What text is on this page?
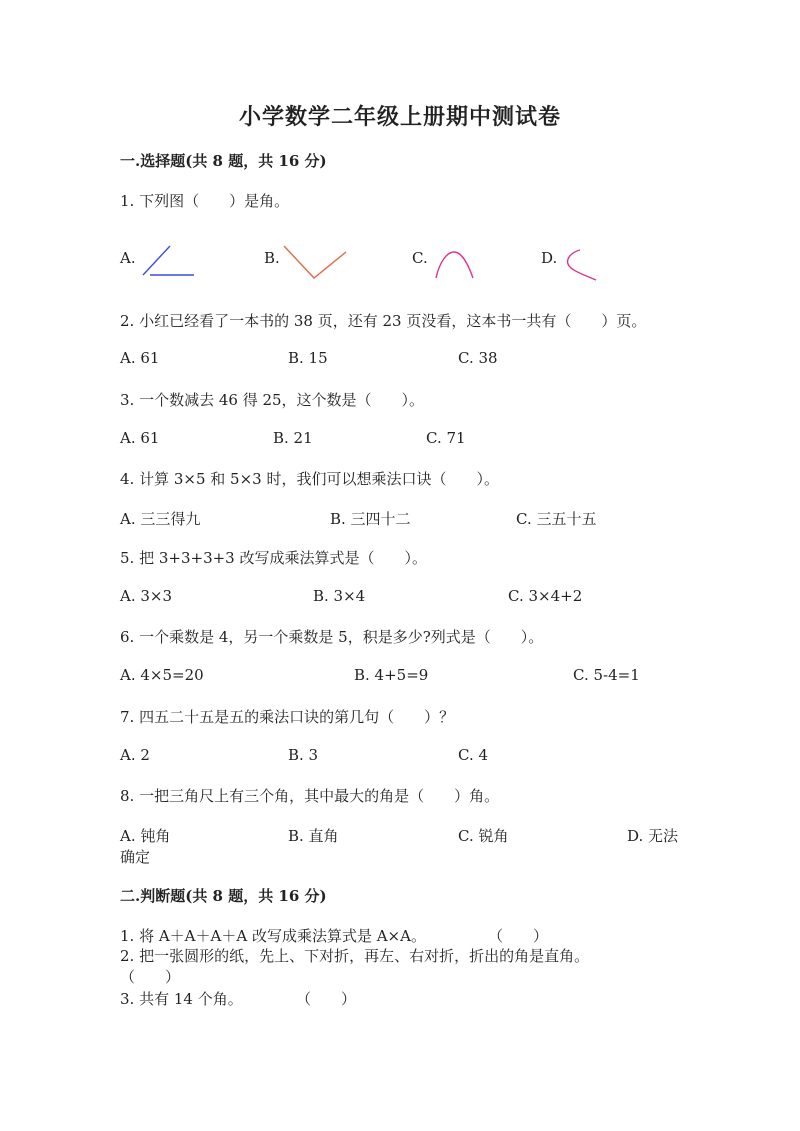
小学数学二年级上册期中测试卷
一.选择题(共 8 题，共 16 分)
1. 下列图（　　）是角。
A.	B.	C.	D.
2. 小红已经看了一本书的 38 页，还有 23 页没看，这本书一共有（　　）页。
A. 61	B. 15	C. 38
3. 一个数减去 46 得 25，这个数是（　　）。
A. 61	B. 21	C. 71
4. 计算 3×5 和 5×3 时，我们可以想乘法口诀（　　）。
A. 三三得九	B. 三四十二	C. 三五十五
5. 把 3+3+3+3 改写成乘法算式是（　　）。
A. 3×3	B. 3×4	C. 3×4+2
6. 一个乘数是 4，另一个乘数是 5，积是多少?列式是（　　）。
A. 4×5=20	B. 4+5=9	C. 5-4=1
7. 四五二十五是五的乘法口诀的第几句（　　）？
A. 2	B. 3	C. 4
8. 一把三角尺上有三个角，其中最大的角是（　　）角。
A. 钝角	B. 直角	C. 锐角	D. 无法
确定
二.判断题(共 8 题，共 16 分)
1. 将 A＋A＋A＋A 改写成乘法算式是 A×A。	（　　）
2. 把一张圆形的纸，先上、下对折，再左、右对折，折出的角是直角。
（　　）
3. 共有 14 个角。	（　　）
